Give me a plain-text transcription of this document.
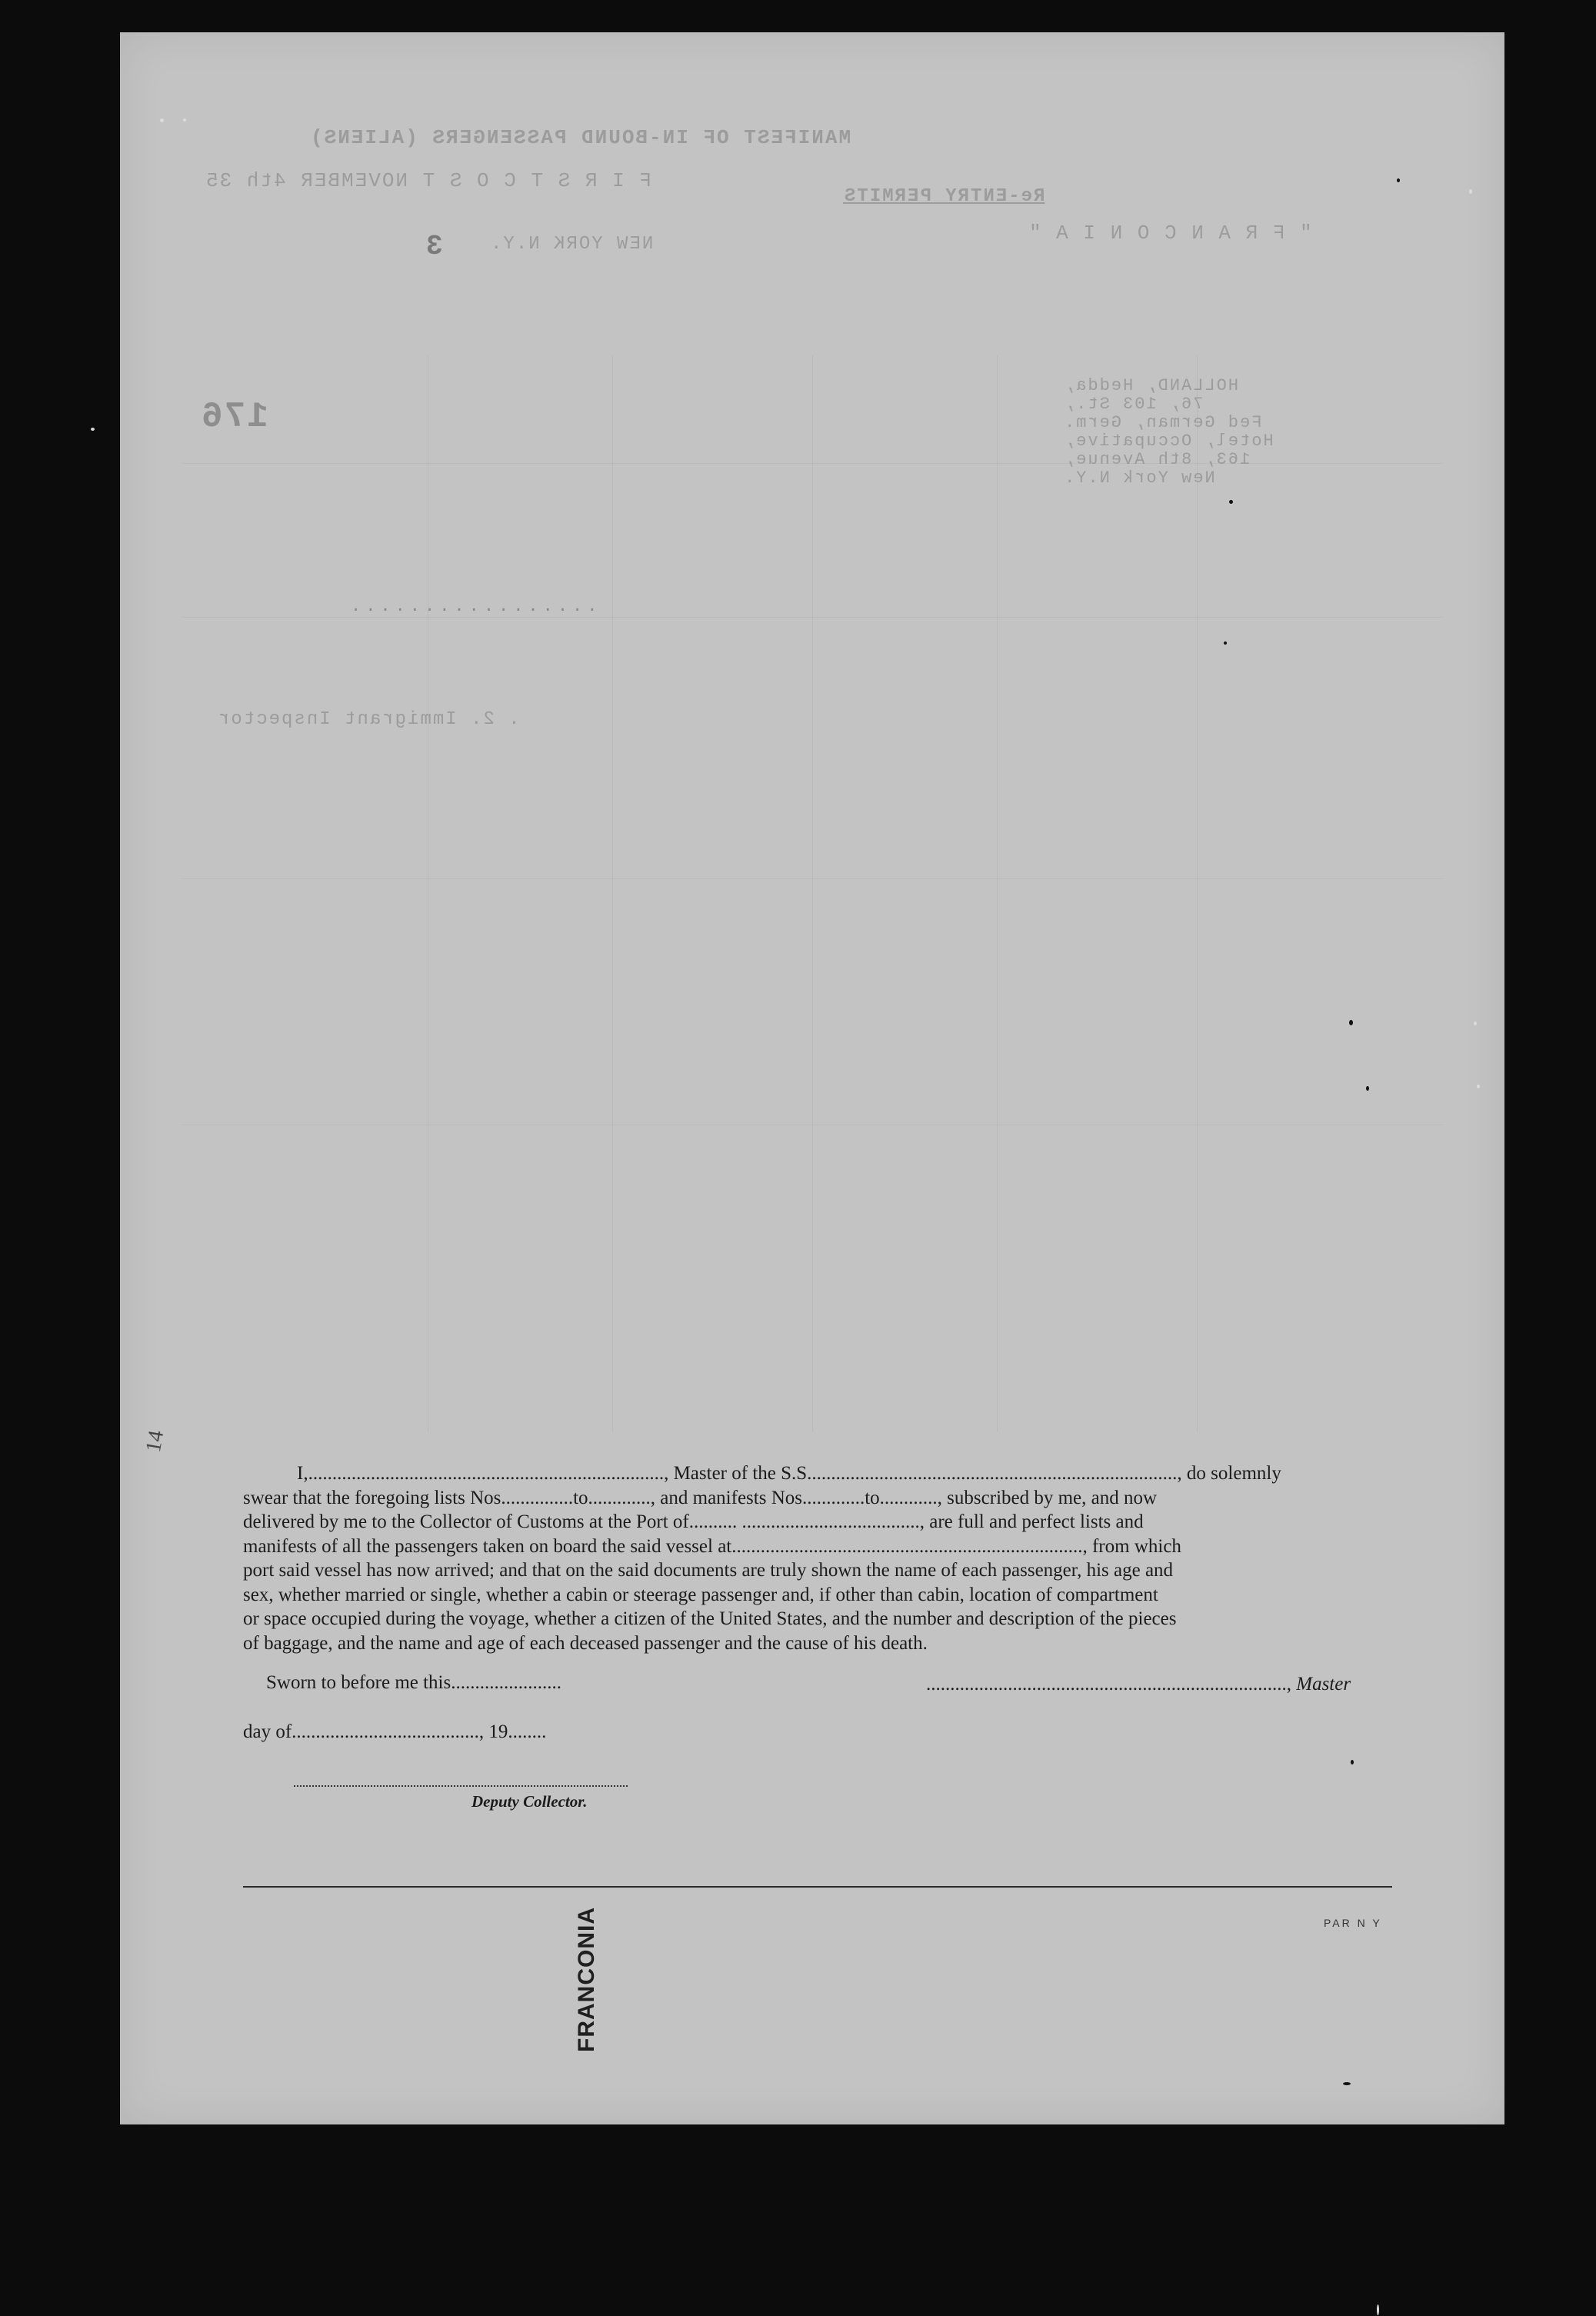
MANIFEST OF IN-BOUND PASSENGERS (ALIENS)
F I R S T C O S T NOVEMBER 4th 35
Re-ENTRY PERMITS
" F R A N C O N I A "
NEW YORK N.Y.
3
176
HOLLAND, Hedda,
76, 103 St.,
Fed German, Germ.
Hotel, Occupative,
163, 8th Avenue,
New York N.Y.
.................
. 2. Immigrant Inspector
I,.........................................................................., Master of the S.S............................................................................., do solemnly
swear that the foregoing lists Nos...............to............., and manifests Nos.............to............, subscribed by me, and now
delivered by me to the Collector of Customs at the Port of.......... ....................................., are full and perfect lists and
manifests of all the passengers taken on board the said vessel at........................................................................., from which
port said vessel has now arrived; and that on the said documents are truly shown the name of each passenger, his age and
sex, whether married or single, whether a cabin or steerage passenger and, if other than cabin, location of compartment
or space occupied during the voyage, whether a citizen of the United States, and the number and description of the pieces
of baggage, and the name and age of each deceased passenger and the cause of his death.
Sworn to before me this.......................	..........................................................................., Master
day of......................................., 19........
Deputy Collector.
PAR N Y
FRANCONIA
14
